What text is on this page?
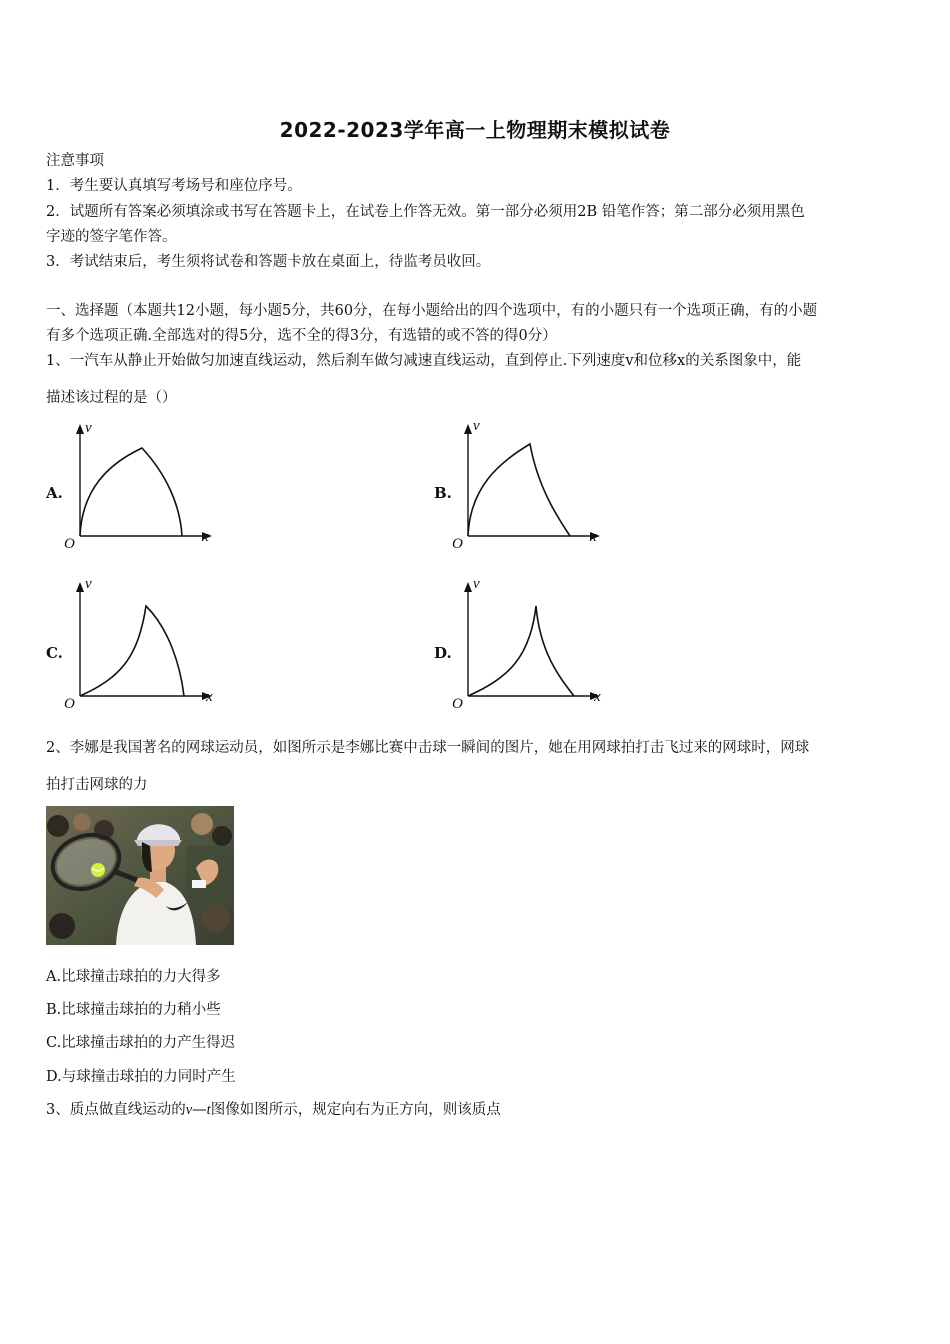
2022-2023学年高一上物理期末模拟试卷
注意事项
1．考生要认真填写考场号和座位序号。
2．试题所有答案必须填涂或书写在答题卡上，在试卷上作答无效。第一部分必须用2B 铅笔作答；第二部分必须用黑色
字迹的签字笔作答。
3．考试结束后，考生须将试卷和答题卡放在桌面上，待监考员收回。
一、选择题（本题共12小题，每小题5分，共60分，在每小题给出的四个选项中，有的小题只有一个选项正确，有的小题
有多个选项正确.全部选对的得5分，选不全的得3分，有选错的或不答的得0分）
1、一汽车从静止开始做匀加速直线运动，然后刹车做匀减速直线运动，直到停止.下列速度v和位移x的关系图象中，能
描述该过程的是（）
A.
v
x
O
B.
v
x
O
C.
v
x
O
D.
v
x
O
2、李娜是我国著名的网球运动员，如图所示是李娜比赛中击球一瞬间的图片，她在用网球拍打击飞过来的网球时，网球
拍打击网球的力
A.比球撞击球拍的力大得多
B.比球撞击球拍的力稍小些
C.比球撞击球拍的力产生得迟
D.与球撞击球拍的力同时产生
3、质点做直线运动的v—t图像如图所示，规定向右为正方向，则该质点
